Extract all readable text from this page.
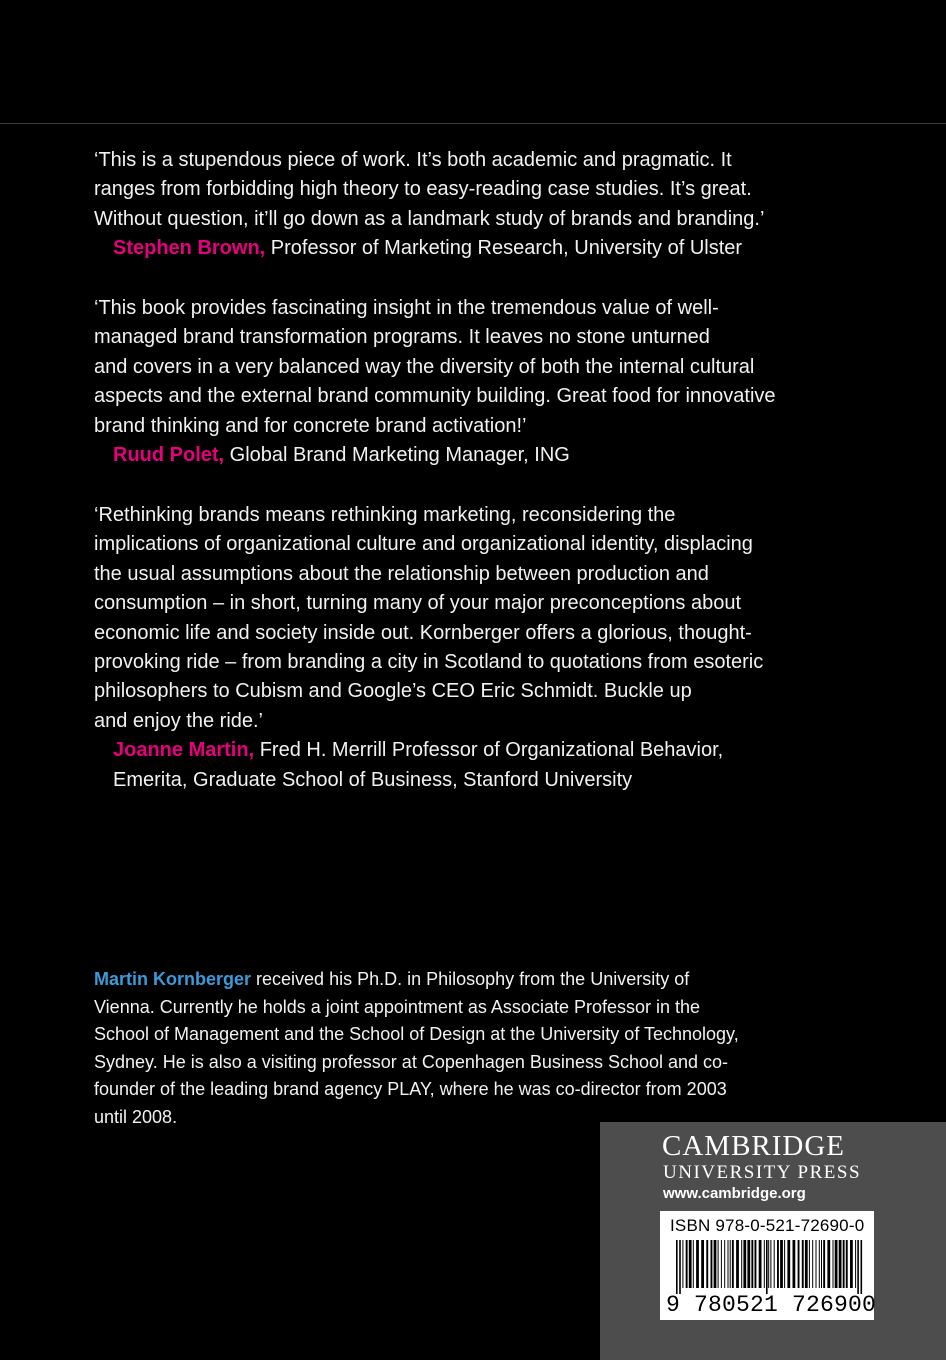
‘This is a stupendous piece of work. It’s both academic and pragmatic. It

ranges from forbidding high theory to easy-reading case studies. It’s great.

Without question, it’ll go down as a landmark study of brands and branding.’

Stephen Brown, Professor of Marketing Research, University of Ulster

‘This book provides fascinating insight in the tremendous value of well-

managed brand transformation programs. It leaves no stone unturned

and covers in a very balanced way the diversity of both the internal cultural

aspects and the external brand community building. Great food for innovative

brand thinking and for concrete brand activation!’

Ruud Polet, Global Brand Marketing Manager, ING

‘Rethinking brands means rethinking marketing, reconsidering the

implications of organizational culture and organizational identity, displacing

the usual assumptions about the relationship between production and

consumption – in short, turning many of your major preconceptions about

economic life and society inside out. Kornberger offers a glorious, thought-

provoking ride – from branding a city in Scotland to quotations from esoteric

philosophers to Cubism and Google’s CEO Eric Schmidt. Buckle up

and enjoy the ride.’

Joanne Martin, Fred H. Merrill Professor of Organizational Behavior,
Emerita, Graduate School of Business, Stanford University
Martin Kornberger received his Ph.D. in Philosophy from the University of
Vienna. Currently he holds a joint appointment as Associate Professor in the
School of Management and the School of Design at the University of Technology,
Sydney. He is also a visiting professor at Copenhagen Business School and co-
founder of the leading brand agency PLAY, where he was co-director from 2003
until 2008.
CAMBRIDGE
UNIVERSITY PRESS
www.cambridge.org
ISBN 978-0-521-72690-0
9 780521 726900
